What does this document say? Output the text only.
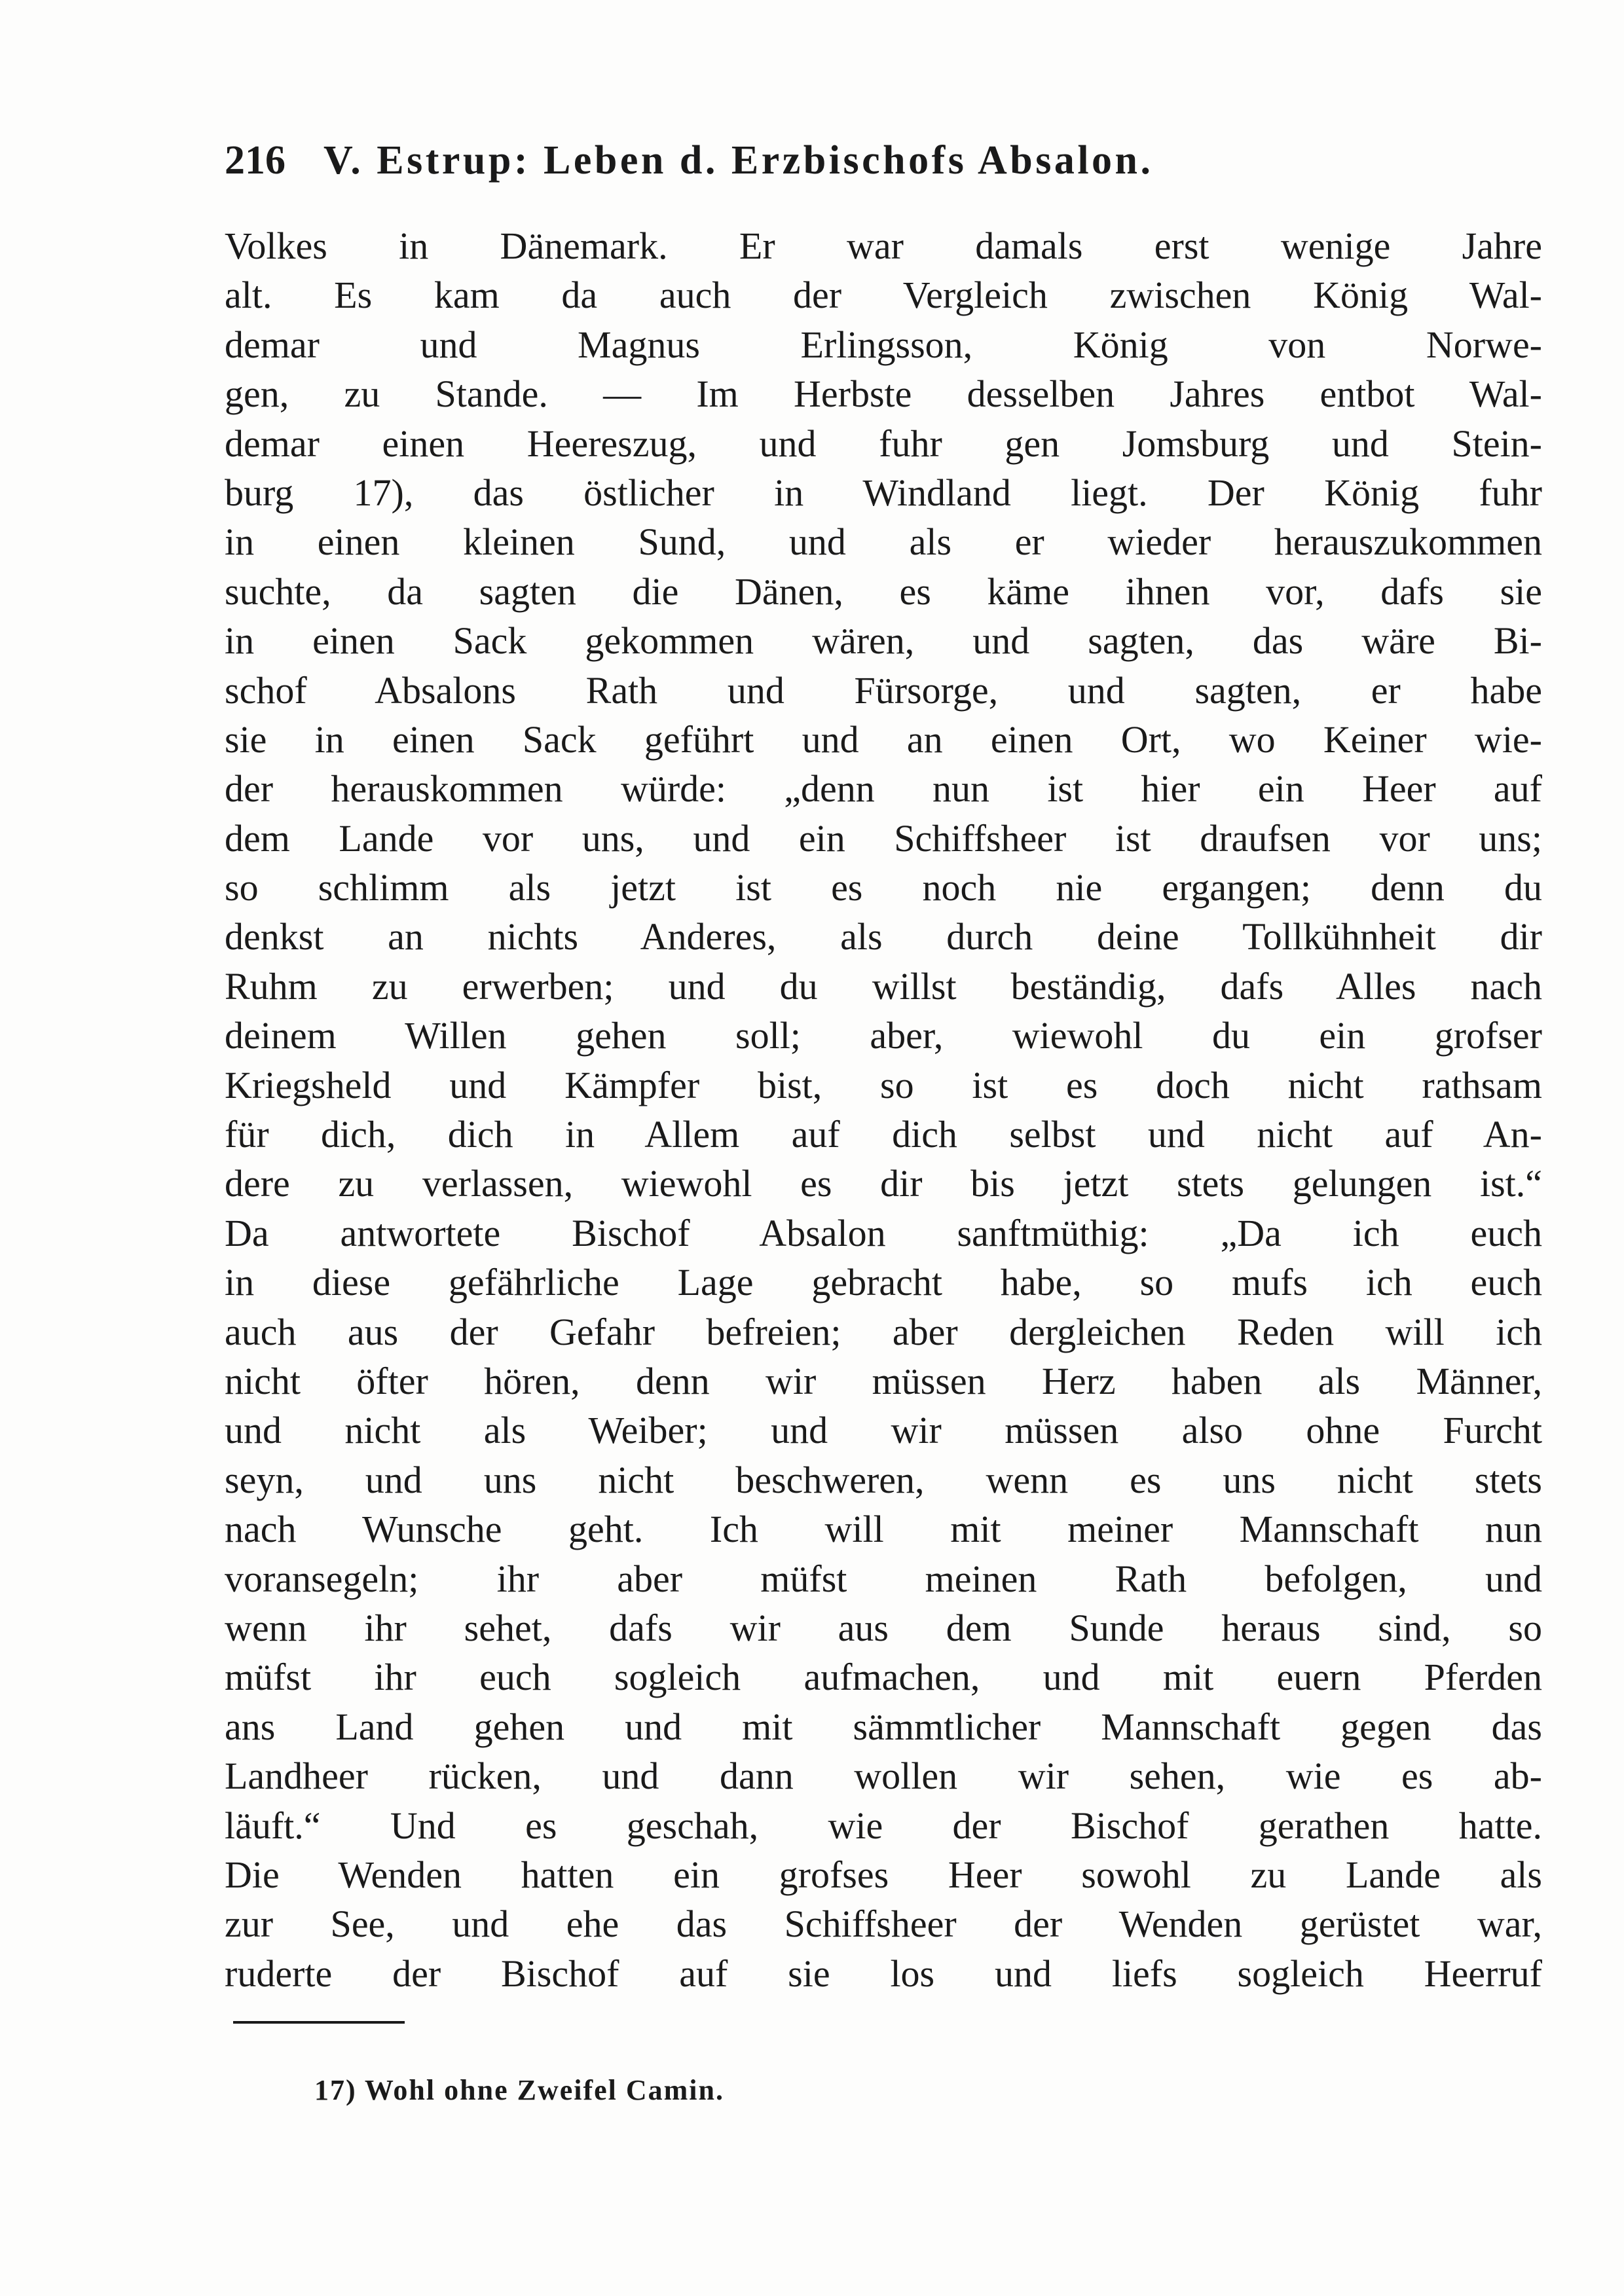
216 V. Estrup: Leben d. Erzbischofs Absalon.
Volkes in Dänemark. Er war damals erst wenige Jahre
alt. Es kam da auch der Vergleich zwischen König Wal-
demar und Magnus Erlingsson, König von Norwe-
gen, zu Stande. — Im Herbste desselben Jahres entbot Wal-
demar einen Heereszug, und fuhr gen Jomsburg und Stein-
burg 17), das östlicher in Windland liegt. Der König fuhr
in einen kleinen Sund, und als er wieder herauszukommen
suchte, da sagten die Dänen, es käme ihnen vor, dafs sie
in einen Sack gekommen wären, und sagten, das wäre Bi-
schof Absalons Rath und Fürsorge, und sagten, er habe
sie in einen Sack geführt und an einen Ort, wo Keiner wie-
der herauskommen würde: „denn nun ist hier ein Heer auf
dem Lande vor uns, und ein Schiffsheer ist draufsen vor uns;
so schlimm als jetzt ist es noch nie ergangen; denn du
denkst an nichts Anderes, als durch deine Tollkühnheit dir
Ruhm zu erwerben; und du willst beständig, dafs Alles nach
deinem Willen gehen soll; aber, wiewohl du ein grofser
Kriegsheld und Kämpfer bist, so ist es doch nicht rathsam
für dich, dich in Allem auf dich selbst und nicht auf An-
dere zu verlassen, wiewohl es dir bis jetzt stets gelungen ist.“
Da antwortete Bischof Absalon sanftmüthig: „Da ich euch
in diese gefährliche Lage gebracht habe, so mufs ich euch
auch aus der Gefahr befreien; aber dergleichen Reden will ich
nicht öfter hören, denn wir müssen Herz haben als Männer,
und nicht als Weiber; und wir müssen also ohne Furcht
seyn, und uns nicht beschweren, wenn es uns nicht stets
nach Wunsche geht. Ich will mit meiner Mannschaft nun
voransegeln; ihr aber müfst meinen Rath befolgen, und
wenn ihr sehet, dafs wir aus dem Sunde heraus sind, so
müfst ihr euch sogleich aufmachen, und mit euern Pferden
ans Land gehen und mit sämmtlicher Mannschaft gegen das
Landheer rücken, und dann wollen wir sehen, wie es ab-
läuft.“ Und es geschah, wie der Bischof gerathen hatte.
Die Wenden hatten ein grofses Heer sowohl zu Lande als
zur See, und ehe das Schiffsheer der Wenden gerüstet war,
ruderte der Bischof auf sie los und liefs sogleich Heerruf
17) Wohl ohne Zweifel Camin.
